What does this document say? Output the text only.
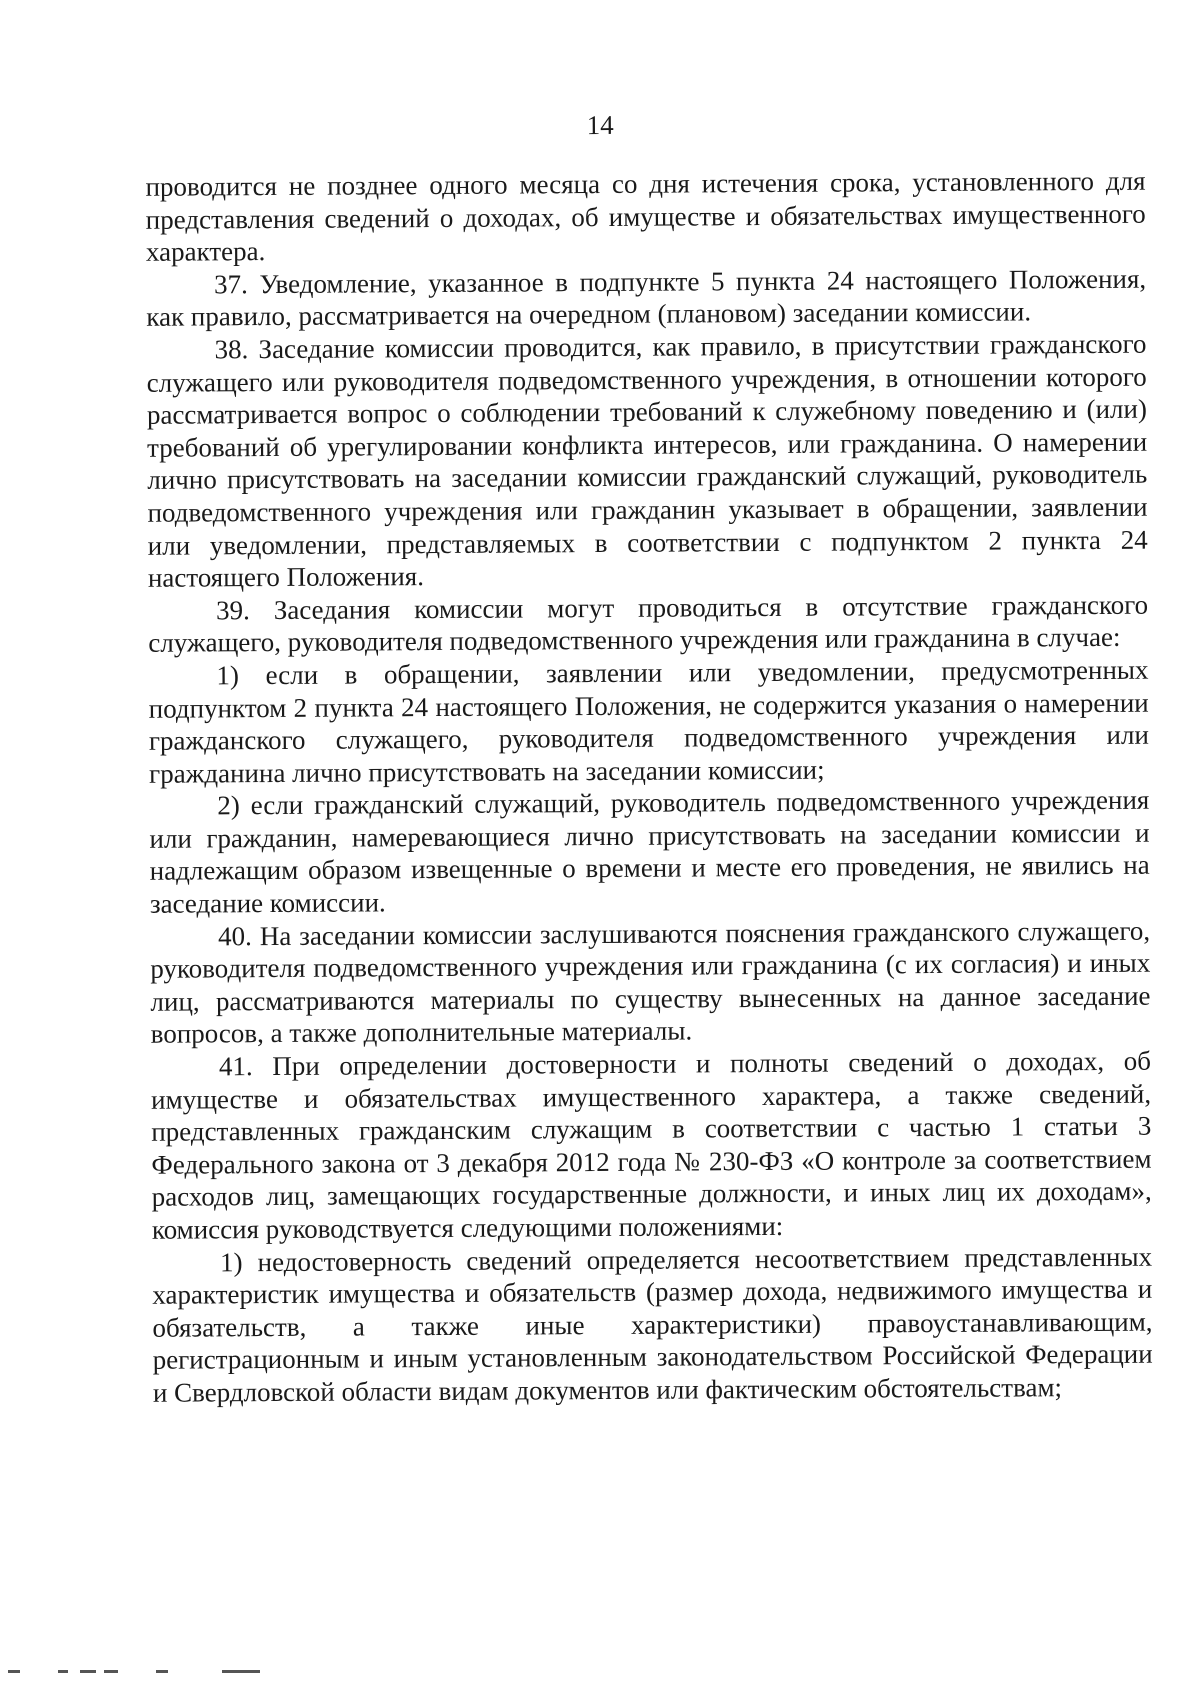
14

проводится не позднее одного месяца со дня истечения срока, установленного для представления сведений о доходах, об имуществе и обязательствах имущественного характера.

37. Уведомление, указанное в подпункте 5 пункта 24 настоящего Положения, как правило, рассматривается на очередном (плановом) заседании комиссии.

38. Заседание комиссии проводится, как правило, в присутствии гражданского служащего или руководителя подведомственного учреждения, в отношении которого рассматривается вопрос о соблюдении требований к служебному поведению и (или) требований об урегулировании конфликта интересов, или гражданина. О намерении лично присутствовать на заседании комиссии гражданский служащий, руководитель подведомственного учреждения или гражданин указывает в обращении, заявлении или уведомлении, представляемых в соответствии с подпунктом 2 пункта 24 настоящего Положения.

39. Заседания комиссии могут проводиться в отсутствие гражданского служащего, руководителя подведомственного учреждения или гражданина в случае:

1) если в обращении, заявлении или уведомлении, предусмотренных подпунктом 2 пункта 24 настоящего Положения, не содержится указания о намерении гражданского служащего, руководителя подведомственного учреждения или гражданина лично присутствовать на заседании комиссии;

2) если гражданский служащий, руководитель подведомственного учреждения или гражданин, намеревающиеся лично присутствовать на заседании комиссии и надлежащим образом извещенные о времени и месте его проведения, не явились на заседание комиссии.

40. На заседании комиссии заслушиваются пояснения гражданского служащего, руководителя подведомственного учреждения или гражданина (с их согласия) и иных лиц, рассматриваются материалы по существу вынесенных на данное заседание вопросов, а также дополнительные материалы.

41. При определении достоверности и полноты сведений о доходах, об имуществе и обязательствах имущественного характера, а также сведений, представленных гражданским служащим в соответствии с частью 1 статьи 3 Федерального закона от 3 декабря 2012 года № 230-ФЗ «О контроле за соответствием расходов лиц, замещающих государственные должности, и иных лиц их доходам», комиссия руководствуется следующими положениями:

1) недостоверность сведений определяется несоответствием представленных характеристик имущества и обязательств (размер дохода, недвижимого имущества и обязательств, а также иные характеристики) правоустанавливающим, регистрационным и иным установленным законодательством Российской Федерации и Свердловской области видам документов или фактическим обстоятельствам;
